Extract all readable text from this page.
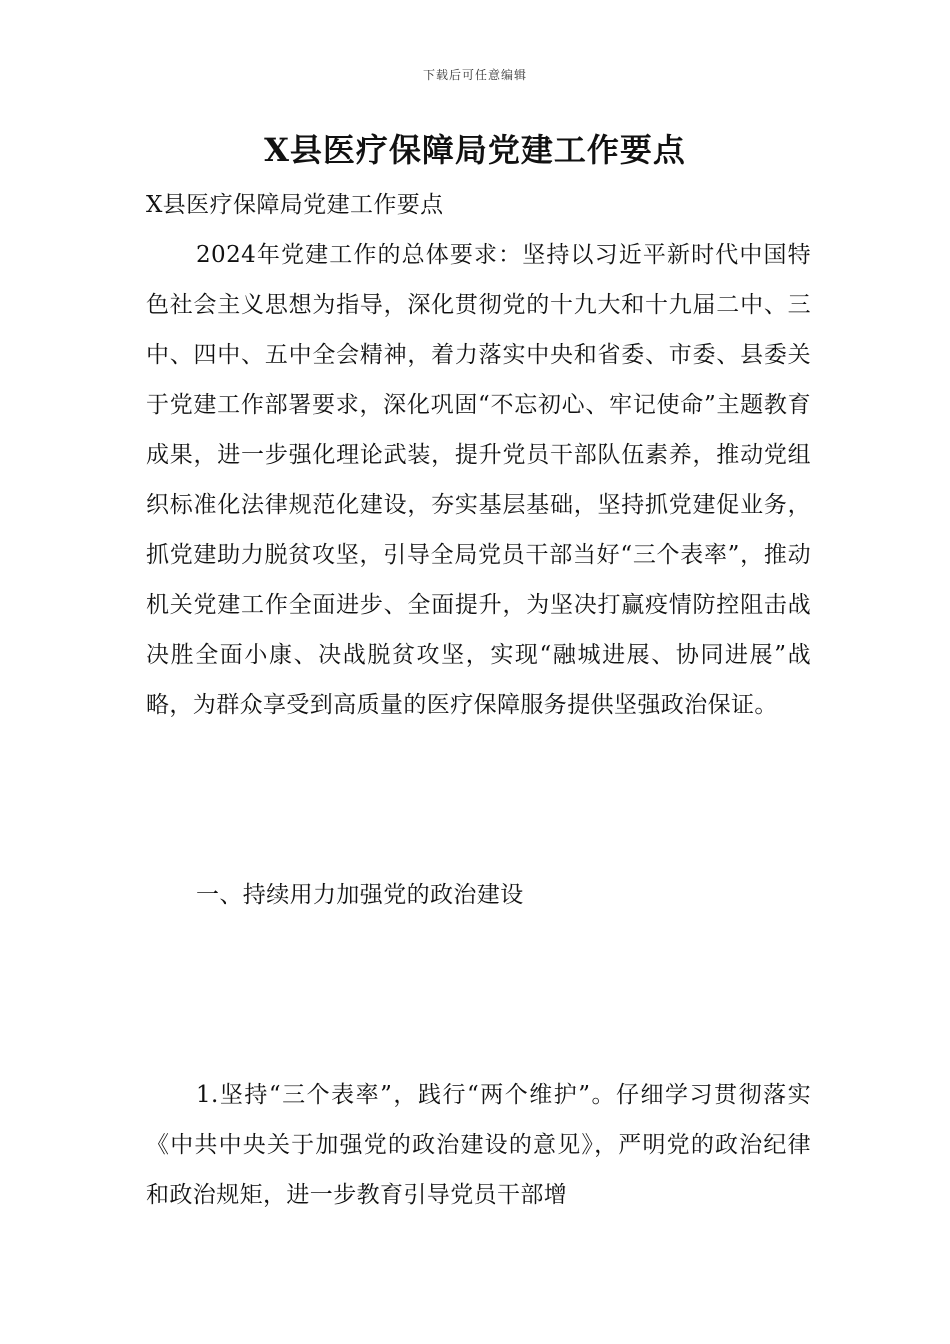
下载后可任意编辑
X县医疗保障局党建工作要点

X县医疗保障局党建工作要点

2024年党建工作的总体要求：坚持以习近平新时代中国特色社会主义思想为指导，深化贯彻党的十九大和十九届二中、三中、四中、五中全会精神，着力落实中央和省委、市委、县委关于党建工作部署要求，深化巩固“不忘初心、牢记使命”主题教育成果，进一步强化理论武装，提升党员干部队伍素养，推动党组织标准化法律规范化建设，夯实基层基础，坚持抓党建促业务，抓党建助力脱贫攻坚，引导全局党员干部当好“三个表率”，推动机关党建工作全面进步、全面提升，为坚决打赢疫情防控阻击战决胜全面小康、决战脱贫攻坚，实现“融城进展、协同进展”战略，为群众享受到高质量的医疗保障服务提供坚强政治保证。

一、持续用力加强党的政治建设

1.坚持“三个表率”，践行“两个维护”。仔细学习贯彻落实《中共中央关于加强党的政治建设的意见》，严明党的政治纪律和政治规矩，进一步教育引导党员干部增
